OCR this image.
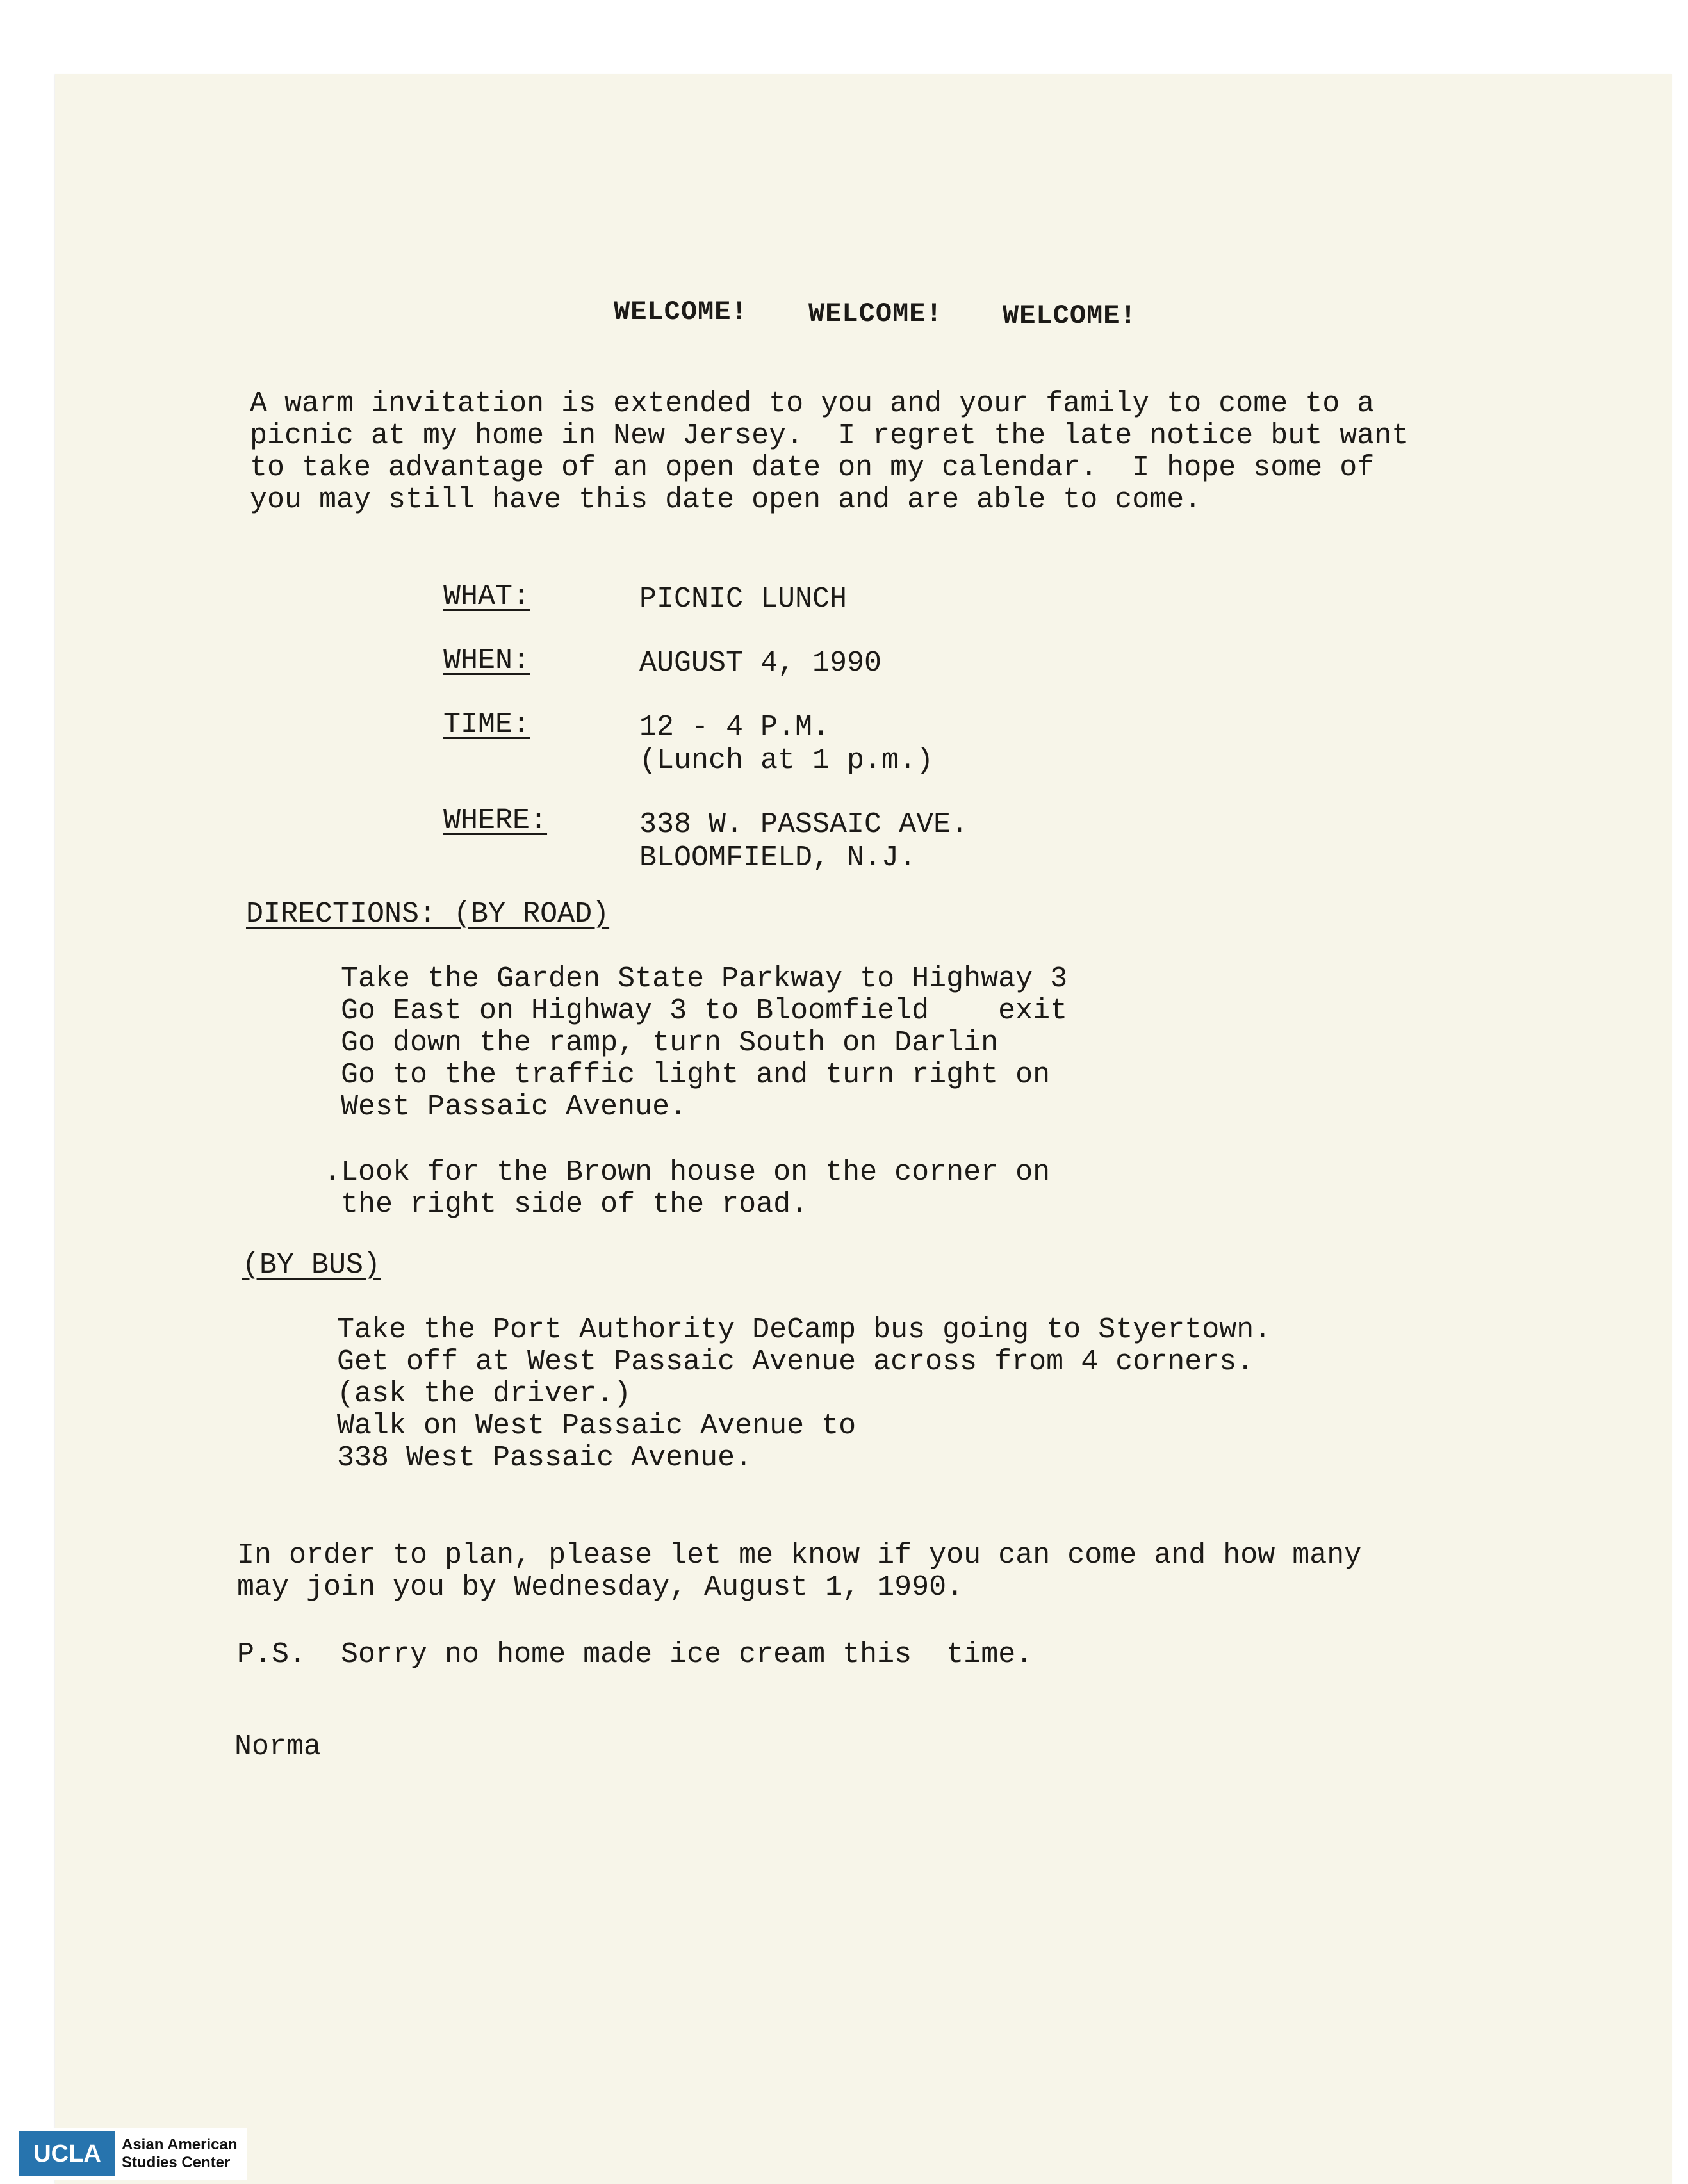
WELCOME! WELCOME! WELCOME!
A warm invitation is extended to you and your family to come to a
picnic at my home in New Jersey.  I regret the late notice but want
to take advantage of an open date on my calendar.  I hope some of
you may still have this date open and are able to come.
WHAT:	PICNIC LUNCH
WHEN:	AUGUST 4, 1990
TIME:	12 - 4 P.M.
(Lunch at 1 p.m.)
WHERE:	338 W. PASSAIC AVE.
BLOOMFIELD, N.J.
DIRECTIONS: (BY ROAD)
Take the Garden State Parkway to Highway 3
Go East on Highway 3 to Bloomfield    exit
Go down the ramp, turn South on Darlin
Go to the traffic light and turn right on
West Passaic Avenue.
.Look for the Brown house on the corner on
the right side of the road.
(BY BUS)
Take the Port Authority DeCamp bus going to Styertown.
Get off at West Passaic Avenue across from 4 corners.
(ask the driver.)
Walk on West Passaic Avenue to
338 West Passaic Avenue.
In order to plan, please let me know if you can come and how many
may join you by Wednesday, August 1, 1990.
P.S.  Sorry no home made ice cream this  time.
Norma
UCLA	Asian American
Studies Center
